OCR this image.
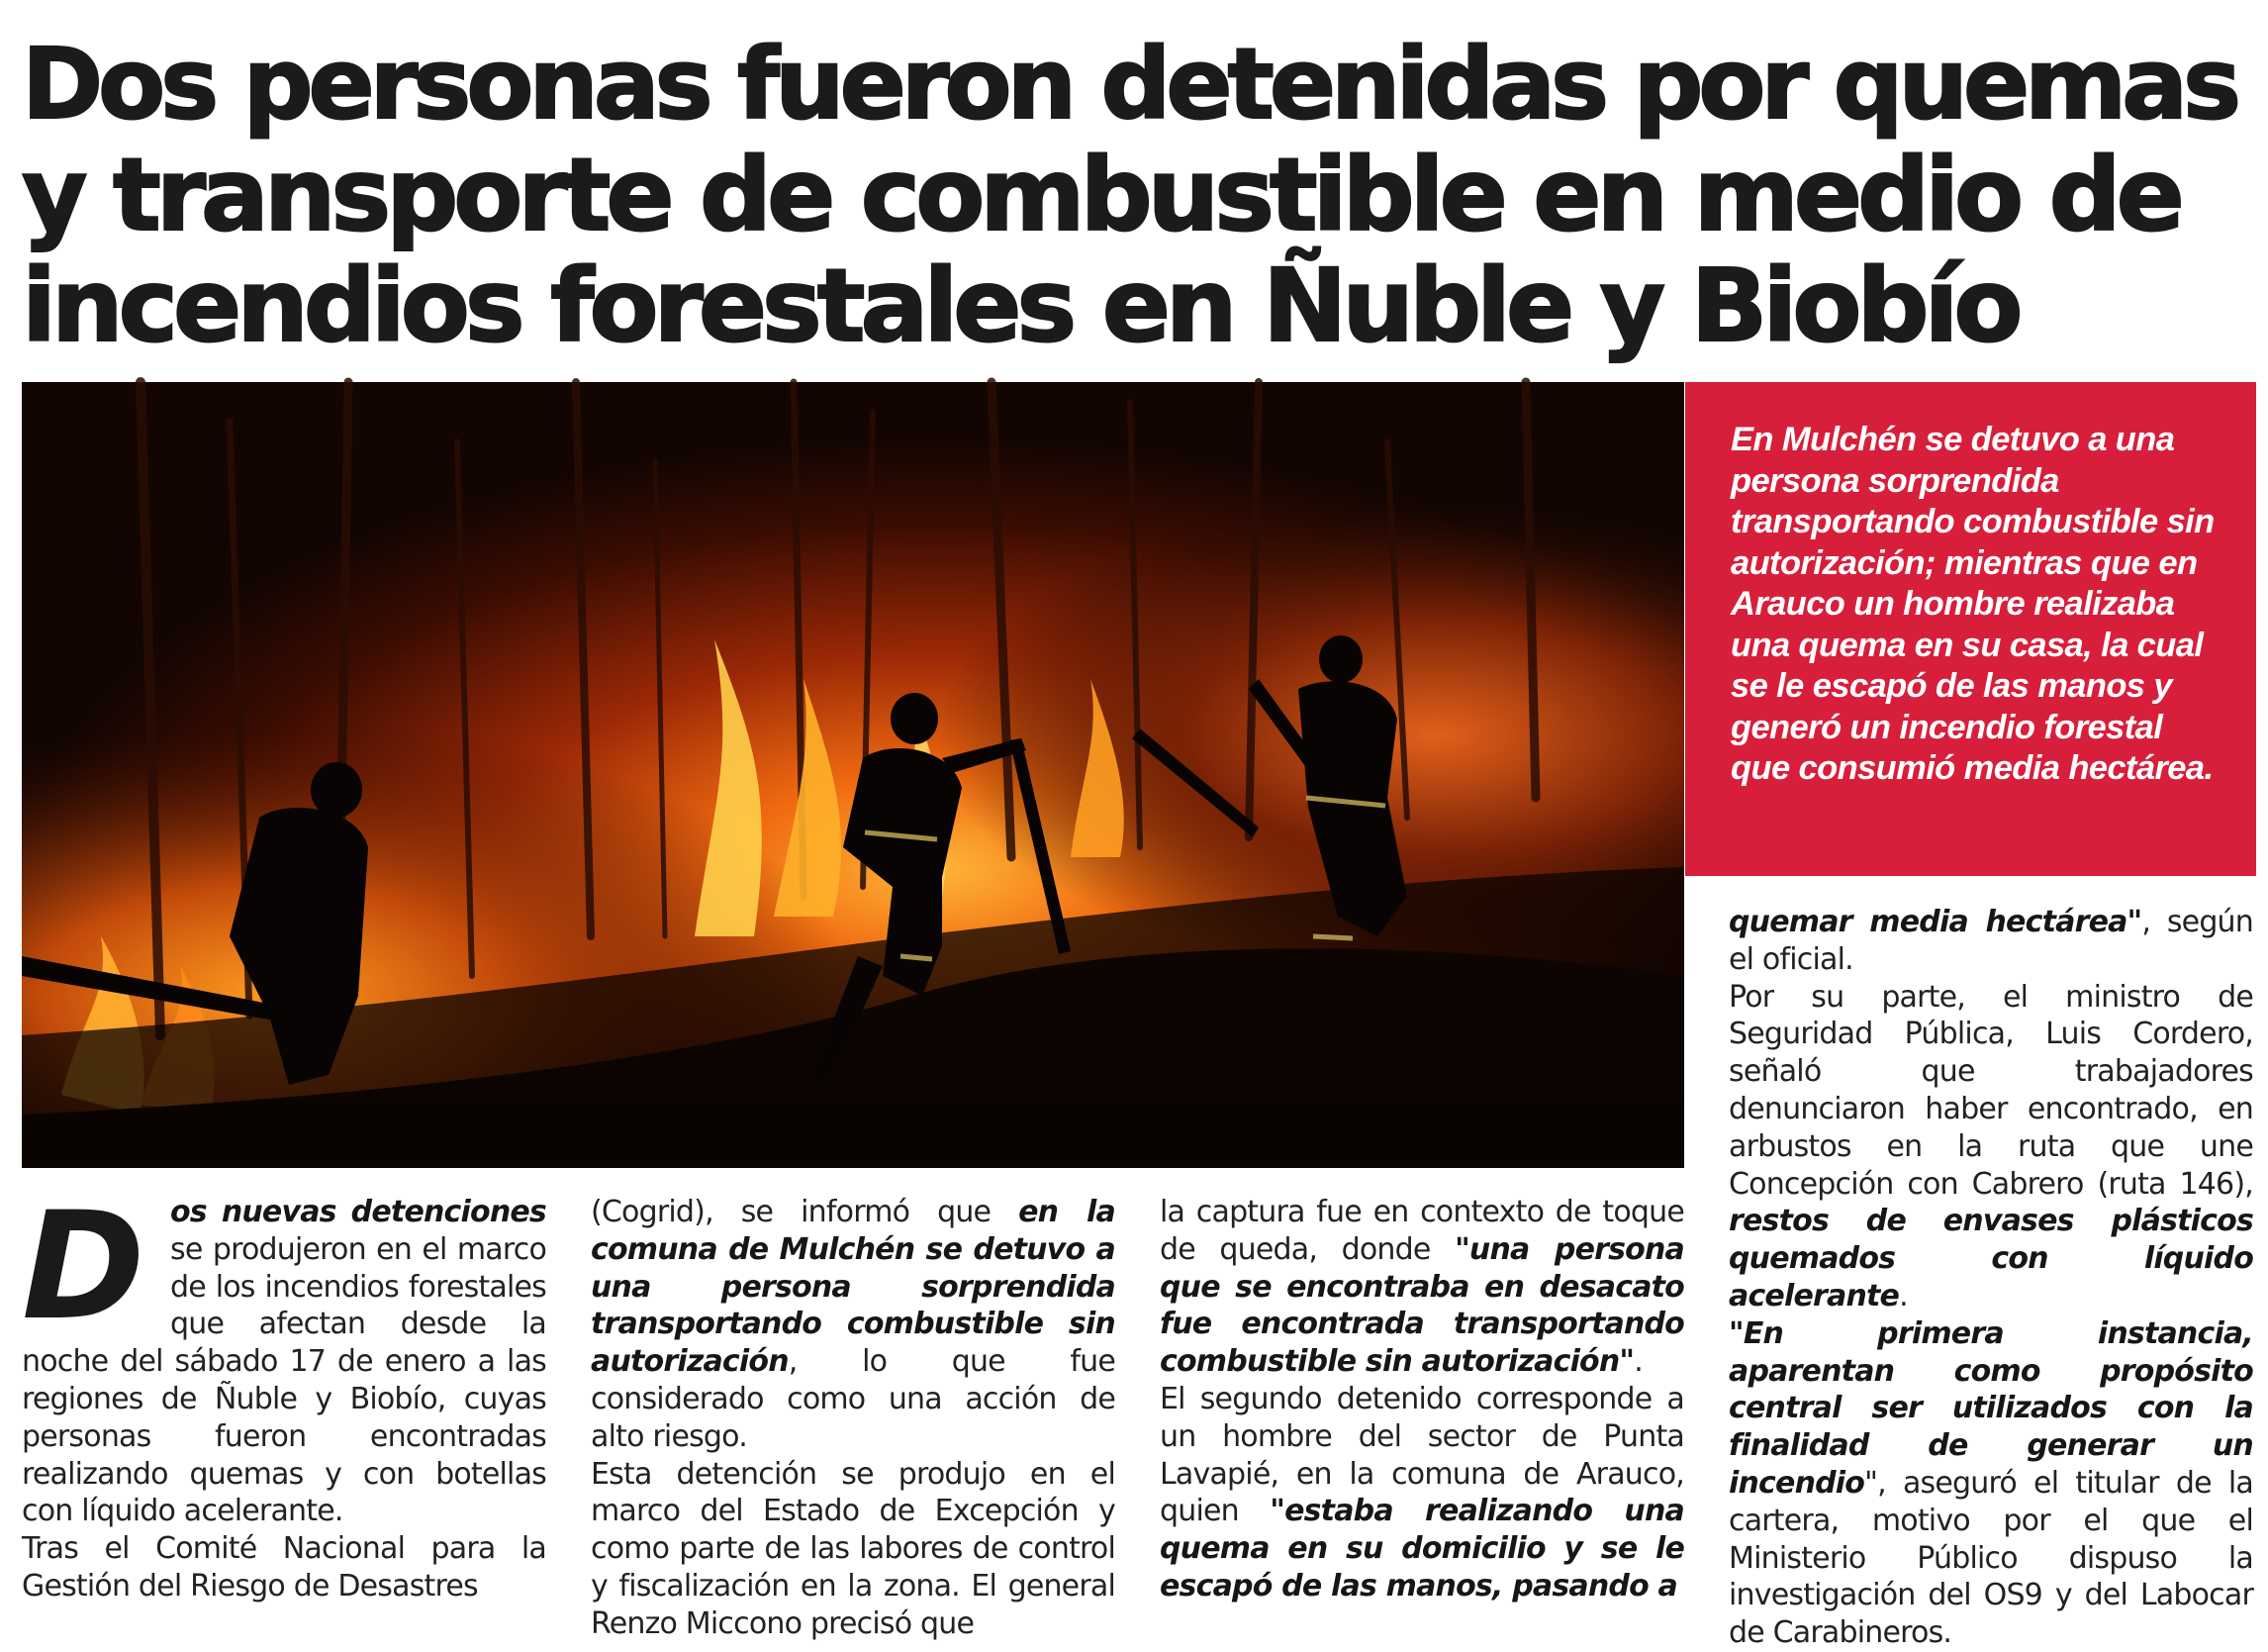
Dos personas fueron detenidas por quemas
y transporte de combustible en medio de
incendios forestales en Ñuble y Biobío

En Mulchén se detuvo a una persona sorprendida transportando combustible sin autorización; mientras que en Arauco un hombre realizaba una quema en su casa, la cual se le escapó de las manos y generó un incendio forestal que consumió media hectárea.

D os nuevas detenciones se produjeron en el marco de los incendios forestales que afectan desde la noche del sábado 17 de enero a las regiones de Ñuble y Biobío, cuyas personas fueron encontradas realizando quemas y con botellas con líquido acelerante.

Tras el Comité Nacional para la Gestión del Riesgo de Desastres

(Cogrid), se informó que en la comuna de Mulchén se detuvo a una persona sorprendida transportando combustible sin autorización, lo que fue considerado como una acción de alto riesgo.

Esta detención se produjo en el marco del Estado de Excepción y como parte de las labores de control y fiscalización en la zona. El general Renzo Miccono precisó que

la captura fue en contexto de toque de queda, donde "una persona que se encontraba en desacato fue encontrada transportando combustible sin autorización".

El segundo detenido corresponde a un hombre del sector de Punta Lavapié, en la comuna de Arauco, quien "estaba realizando una quema en su domicilio y se le escapó de las manos, pasando a

quemar media hectárea", según el oficial.

Por su parte, el ministro de Seguridad Pública, Luis Cordero, señaló que trabajadores denunciaron haber encontrado, en arbustos en la ruta que une Concepción con Cabrero (ruta 146), restos de envases plásticos quemados con líquido acelerante.

"En primera instancia, aparentan como propósito central ser utilizados con la finalidad de generar un incendio", aseguró el titular de la cartera, motivo por el que el Ministerio Público dispuso la investigación del OS9 y del Labocar de Carabineros.
